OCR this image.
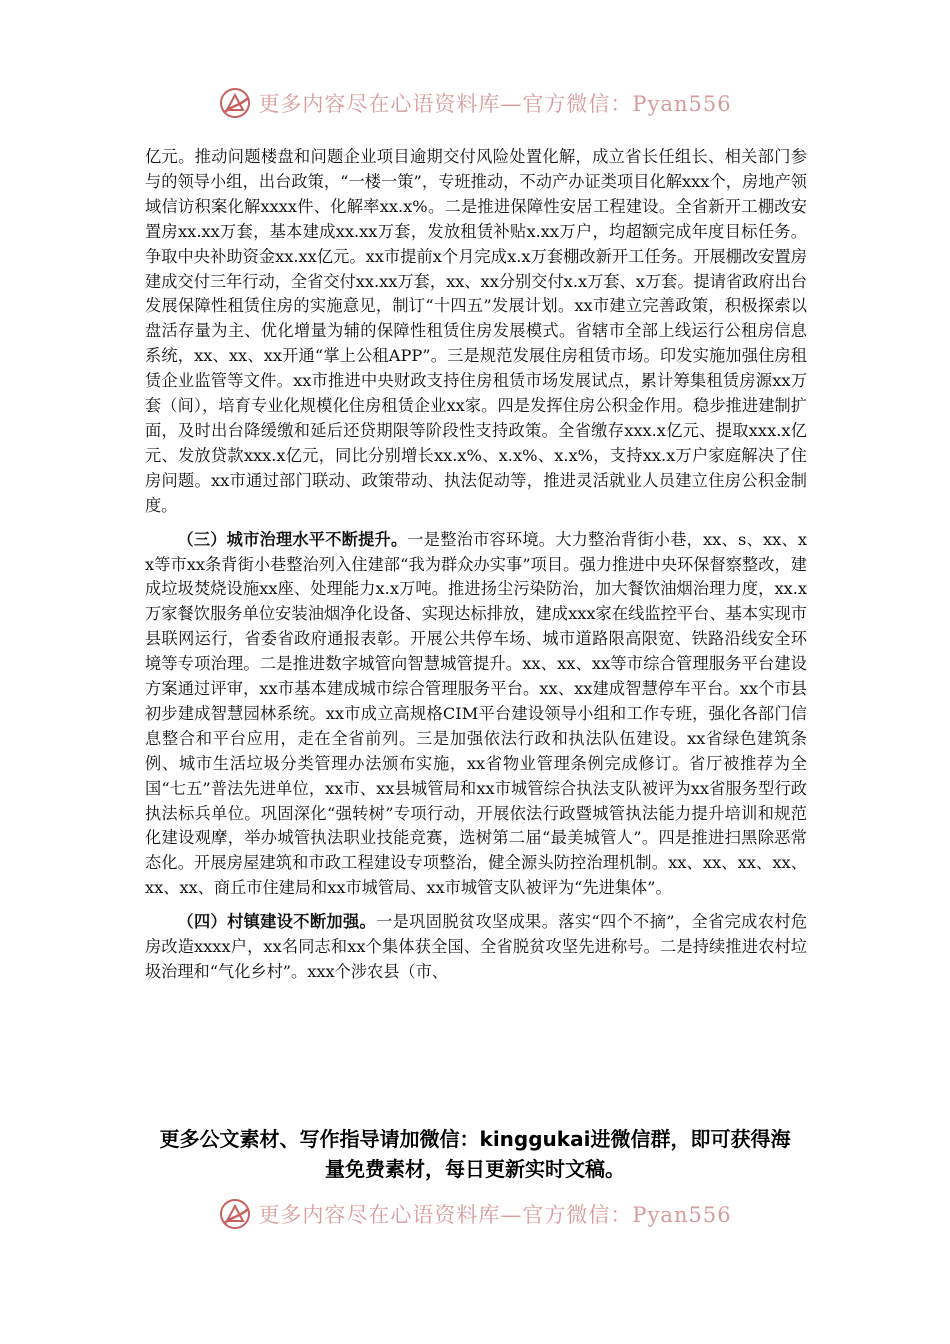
更多内容尽在心语资料库—官方微信：Pyan556

亿元。推动问题楼盘和问题企业项目逾期交付风险处置化解，成立省长任组长、相关部门参与的领导小组，出台政策，“一楼一策”，专班推动，不动产办证类项目化解xxx个，房地产领域信访积案化解xxxx件、化解率xx.x%。二是推进保障性安居工程建设。全省新开工棚改安置房xx.xx万套，基本建成xx.xx万套，发放租赁补贴x.xx万户，均超额完成年度目标任务。争取中央补助资金xx.xx亿元。xx市提前x个月完成x.x万套棚改新开工任务。开展棚改安置房建成交付三年行动，全省交付xx.xx万套，xx、xx分别交付x.x万套、x万套。提请省政府出台发展保障性租赁住房的实施意见，制订“十四五”发展计划。xx市建立完善政策，积极探索以盘活存量为主、优化增量为辅的保障性租赁住房发展模式。省辖市全部上线运行公租房信息系统，xx、xx、xx开通“掌上公租APP”。三是规范发展住房租赁市场。印发实施加强住房租赁企业监管等文件。xx市推进中央财政支持住房租赁市场发展试点，累计筹集租赁房源xx万套（间），培育专业化规模化住房租赁企业xx家。四是发挥住房公积金作用。稳步推进建制扩面，及时出台降缓缴和延后还贷期限等阶段性支持政策。全省缴存xxx.x亿元、提取xxx.x亿元、发放贷款xxx.x亿元，同比分别增长xx.x%、x.x%、x.x%，支持xx.x万户家庭解决了住房问题。xx市通过部门联动、政策带动、执法促动等，推进灵活就业人员建立住房公积金制度。

（三）城市治理水平不断提升。一是整治市容环境。大力整治背街小巷，xx、s、xx、xx等市xx条背街小巷整治列入住建部“我为群众办实事”项目。强力推进中央环保督察整改，建成垃圾焚烧设施xx座、处理能力x.x万吨。推进扬尘污染防治，加大餐饮油烟治理力度，xx.x万家餐饮服务单位安装油烟净化设备、实现达标排放，建成xxx家在线监控平台、基本实现市县联网运行，省委省政府通报表彰。开展公共停车场、城市道路限高限宽、铁路沿线安全环境等专项治理。二是推进数字城管向智慧城管提升。xx、xx、xx等市综合管理服务平台建设方案通过评审，xx市基本建成城市综合管理服务平台。xx、xx建成智慧停车平台。xx个市县初步建成智慧园林系统。xx市成立高规格CIM平台建设领导小组和工作专班，强化各部门信息整合和平台应用，走在全省前列。三是加强依法行政和执法队伍建设。xx省绿色建筑条例、城市生活垃圾分类管理办法颁布实施，xx省物业管理条例完成修订。省厅被推荐为全国“七五”普法先进单位，xx市、xx县城管局和xx市城管综合执法支队被评为xx省服务型行政执法标兵单位。巩固深化“强转树”专项行动，开展依法行政暨城管执法能力提升培训和规范化建设观摩，举办城管执法职业技能竞赛，选树第二届“最美城管人”。四是推进扫黑除恶常态化。开展房屋建筑和市政工程建设专项整治，健全源头防控治理机制。xx、xx、xx、xx、xx、xx、商丘市住建局和xx市城管局、xx市城管支队被评为“先进集体”。

（四）村镇建设不断加强。一是巩固脱贫攻坚成果。落实“四个不摘”，全省完成农村危房改造xxxx户，xx名同志和xx个集体获全国、全省脱贫攻坚先进称号。二是持续推进农村垃圾治理和“气化乡村”。xxx个涉农县（市、

更多公文素材、写作指导请加微信：kinggukai进微信群，即可获得海量免费素材，每日更新实时文稿。
更多内容尽在心语资料库—官方微信：Pyan556
